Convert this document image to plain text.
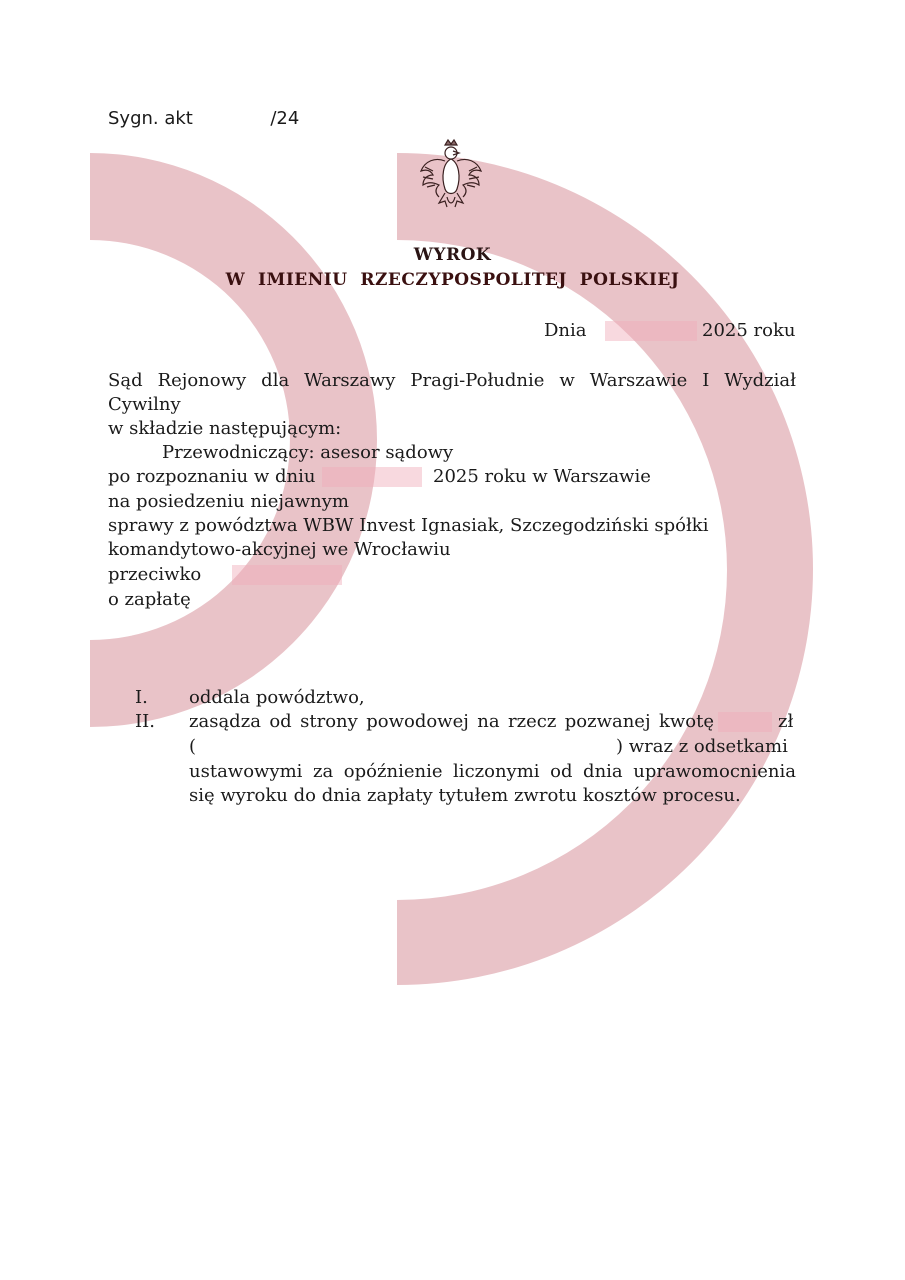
Sygn. akt	/24
WYROK
W  IMIENIU  RZECZYPOSPOLITEJ  POLSKIEJ
Dnia	2025 roku
Sąd Rejonowy dla Warszawy Pragi-Południe w Warszawie I Wydział
Cywilny
w składzie następującym:
Przewodniczący: asesor sądowy
po rozpoznaniu w dniu	2025 roku w Warszawie
na posiedzeniu niejawnym
sprawy z powództwa WBW Invest Ignasiak, Szczegodziński spółki
komandytowo-akcyjnej we Wrocławiu
przeciwko
o zapłatę
I. oddala powództwo,
II. zasądza od strony powodowej na rzecz pozwanej kwotę	zł
(	) wraz z odsetkami
ustawowymi za opóźnienie liczonymi od dnia uprawomocnienia
się wyroku do dnia zapłaty tytułem zwrotu kosztów procesu.
